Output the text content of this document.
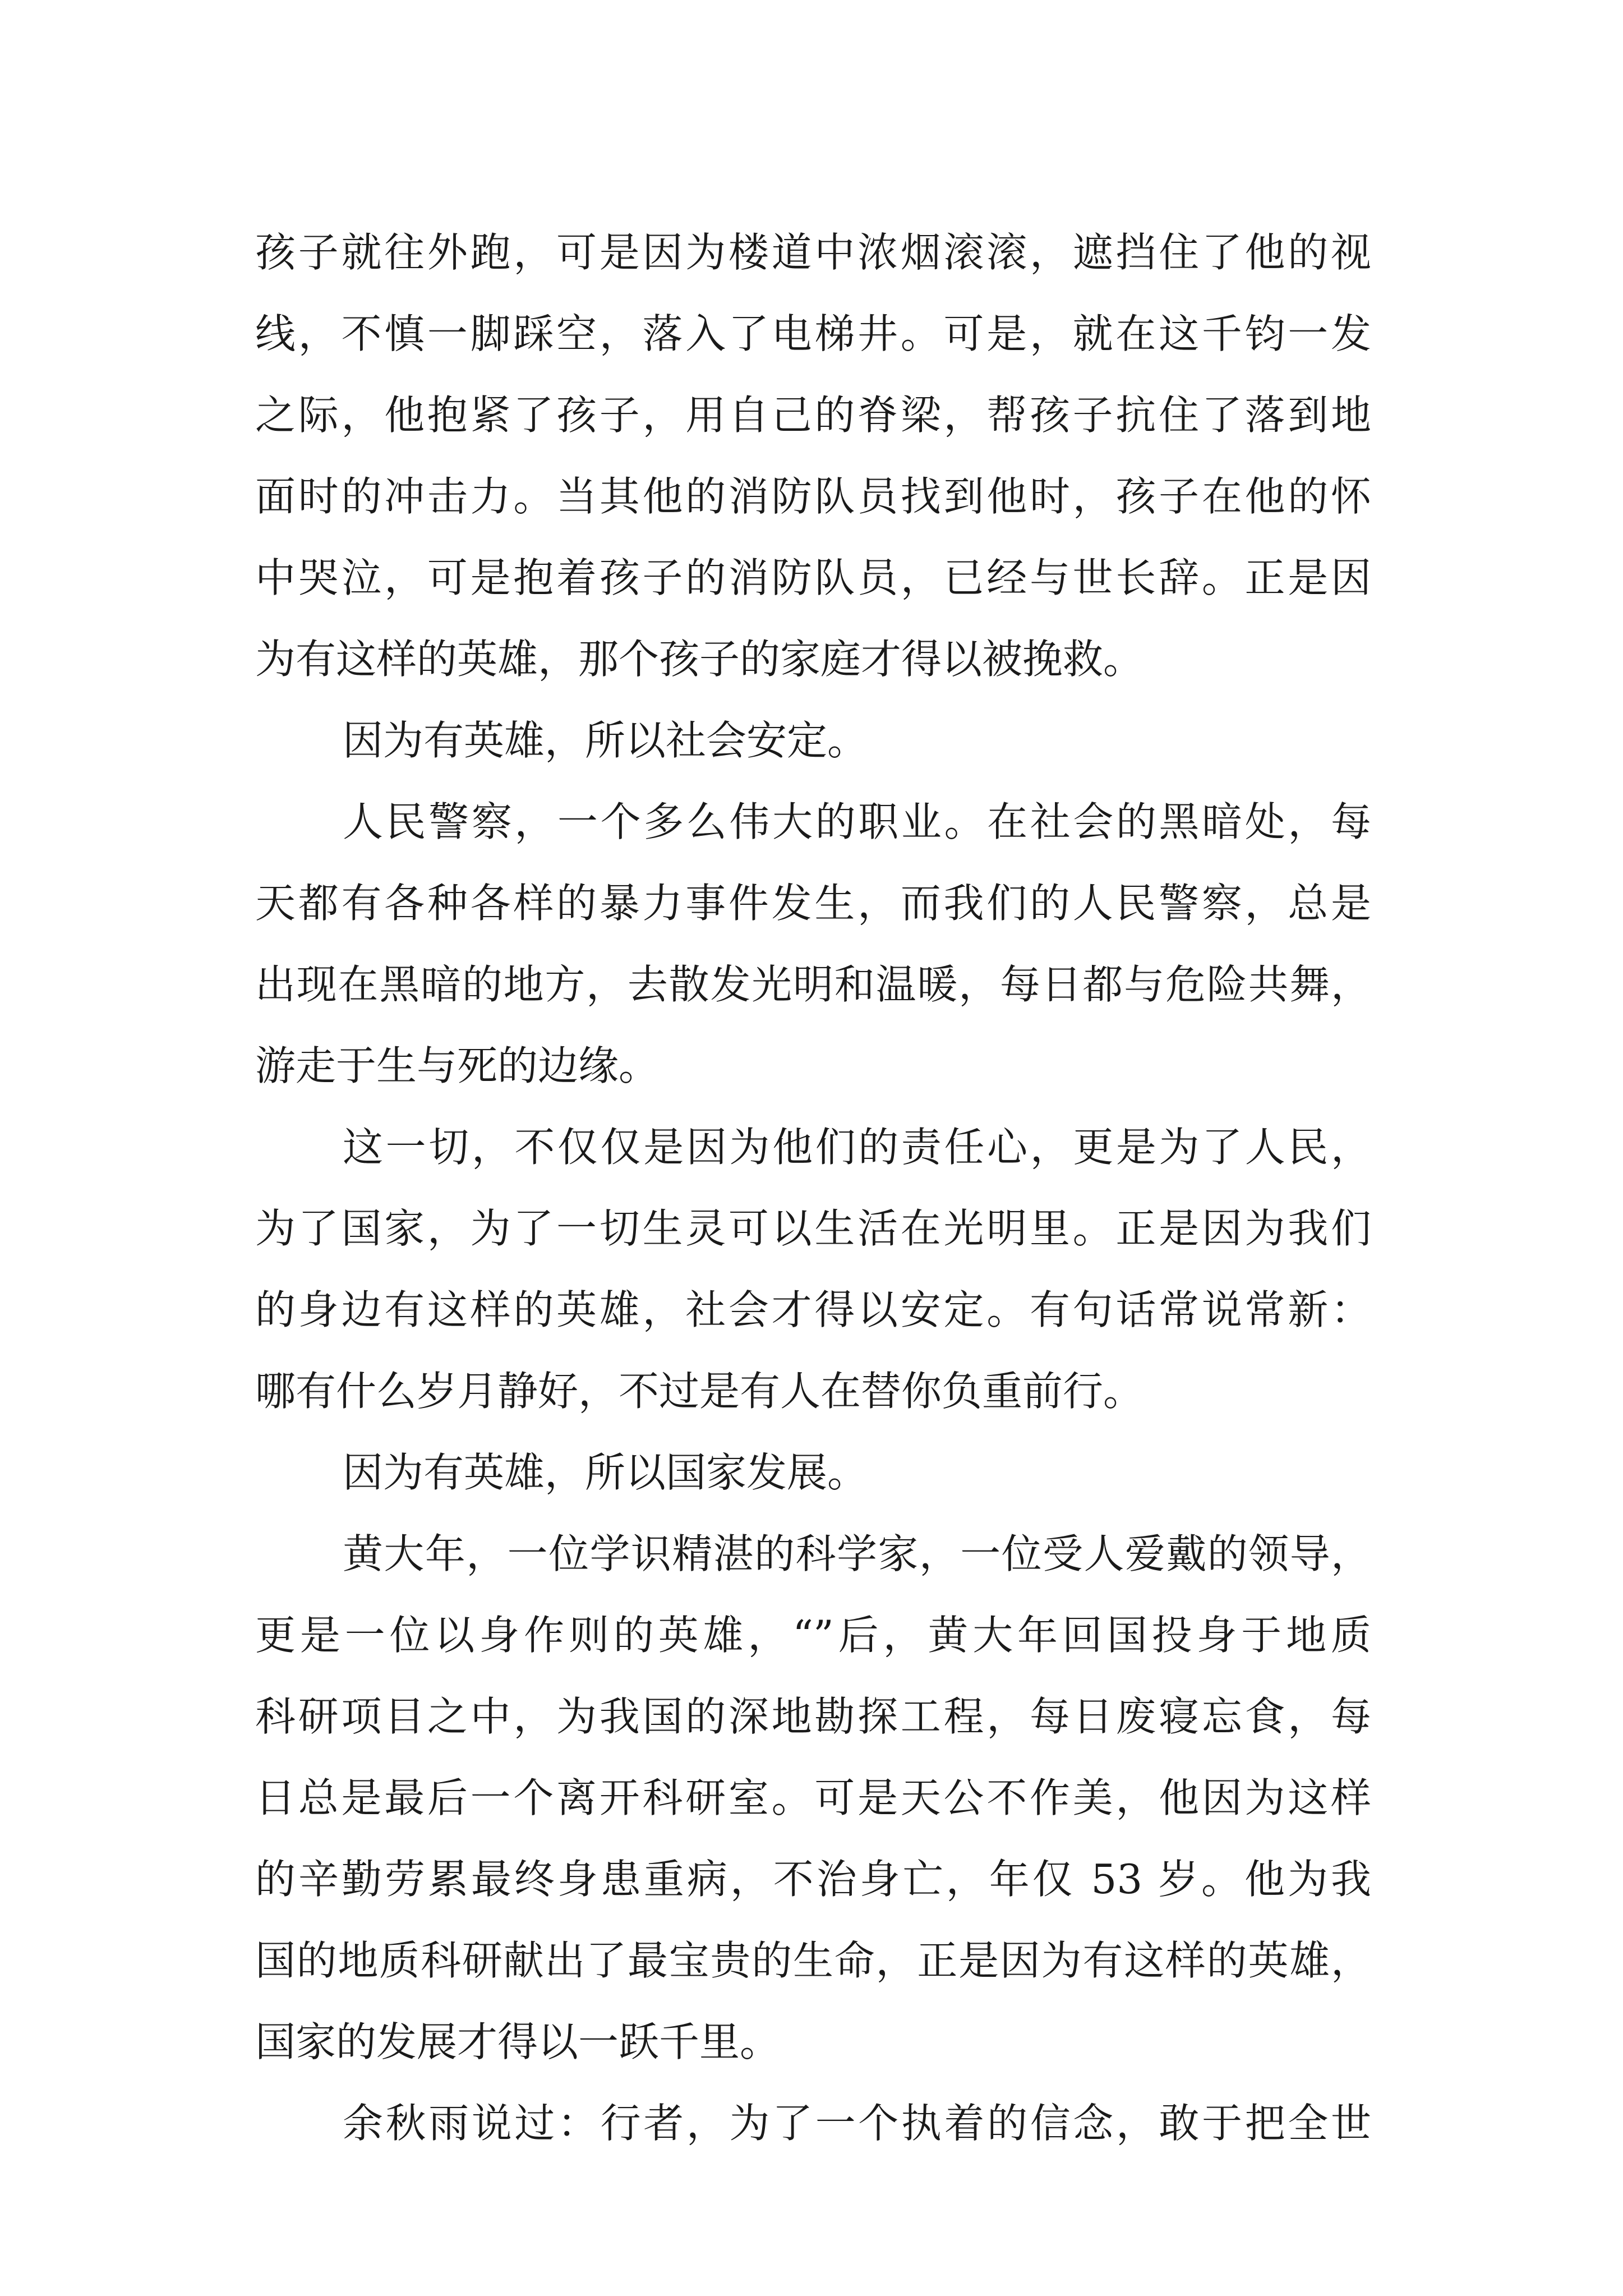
孩子就往外跑，可是因为楼道中浓烟滚滚，遮挡住了他的视
线，不慎一脚踩空，落入了电梯井。可是，就在这千钧一发
之际，他抱紧了孩子，用自己的脊梁，帮孩子抗住了落到地
面时的冲击力。当其他的消防队员找到他时，孩子在他的怀
中哭泣，可是抱着孩子的消防队员，已经与世长辞。正是因
为有这样的英雄，那个孩子的家庭才得以被挽救。
因为有英雄，所以社会安定。
人民警察，一个多么伟大的职业。在社会的黑暗处，每
天都有各种各样的暴力事件发生，而我们的人民警察，总是
出现在黑暗的地方，去散发光明和温暖，每日都与危险共舞，
游走于生与死的边缘。
这一切，不仅仅是因为他们的责任心，更是为了人民，
为了国家，为了一切生灵可以生活在光明里。正是因为我们
的身边有这样的英雄，社会才得以安定。有句话常说常新：
哪有什么岁月静好，不过是有人在替你负重前行。
因为有英雄，所以国家发展。
黄大年，一位学识精湛的科学家，一位受人爱戴的领导，
更是一位以身作则的英雄，“”后，黄大年回国投身于地质
科研项目之中，为我国的深地勘探工程，每日废寝忘食，每
日总是最后一个离开科研室。可是天公不作美，他因为这样
的辛勤劳累最终身患重病，不治身亡，年仅 53 岁。他为我
国的地质科研献出了最宝贵的生命，正是因为有这样的英雄，
国家的发展才得以一跃千里。
余秋雨说过：行者，为了一个执着的信念，敢于把全世
